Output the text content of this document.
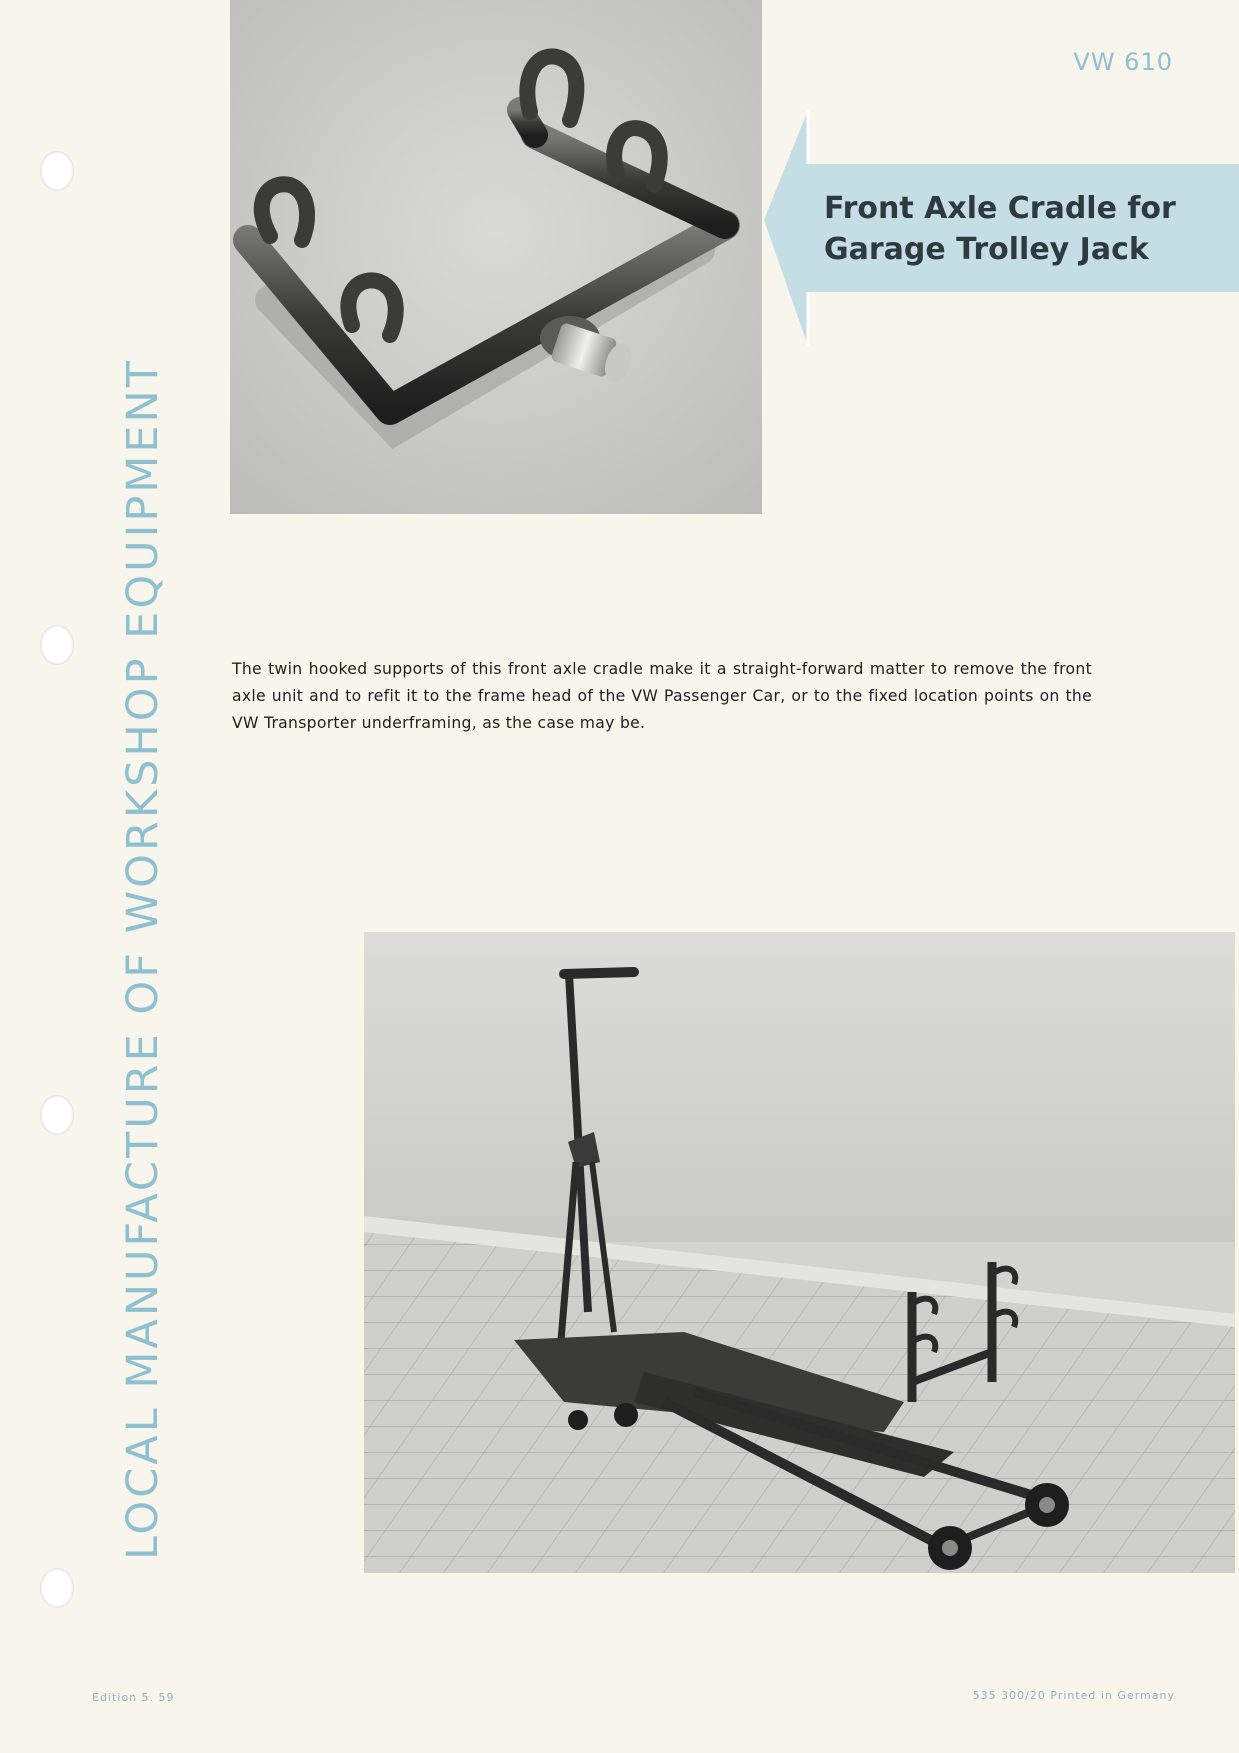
LOCAL MANUFACTURE OF WORKSHOP EQUIPMENT
VW 610
Front Axle Cradle for
Garage Trolley Jack
The twin hooked supports of this front axle cradle make it a straight-forward matter to remove the front axle unit and to refit it to the frame head of the VW Passenger Car, or to the fixed location points on the VW Transporter underframing, as the case may be.
Edition 5. 59	535 300/20 Printed in Germany
